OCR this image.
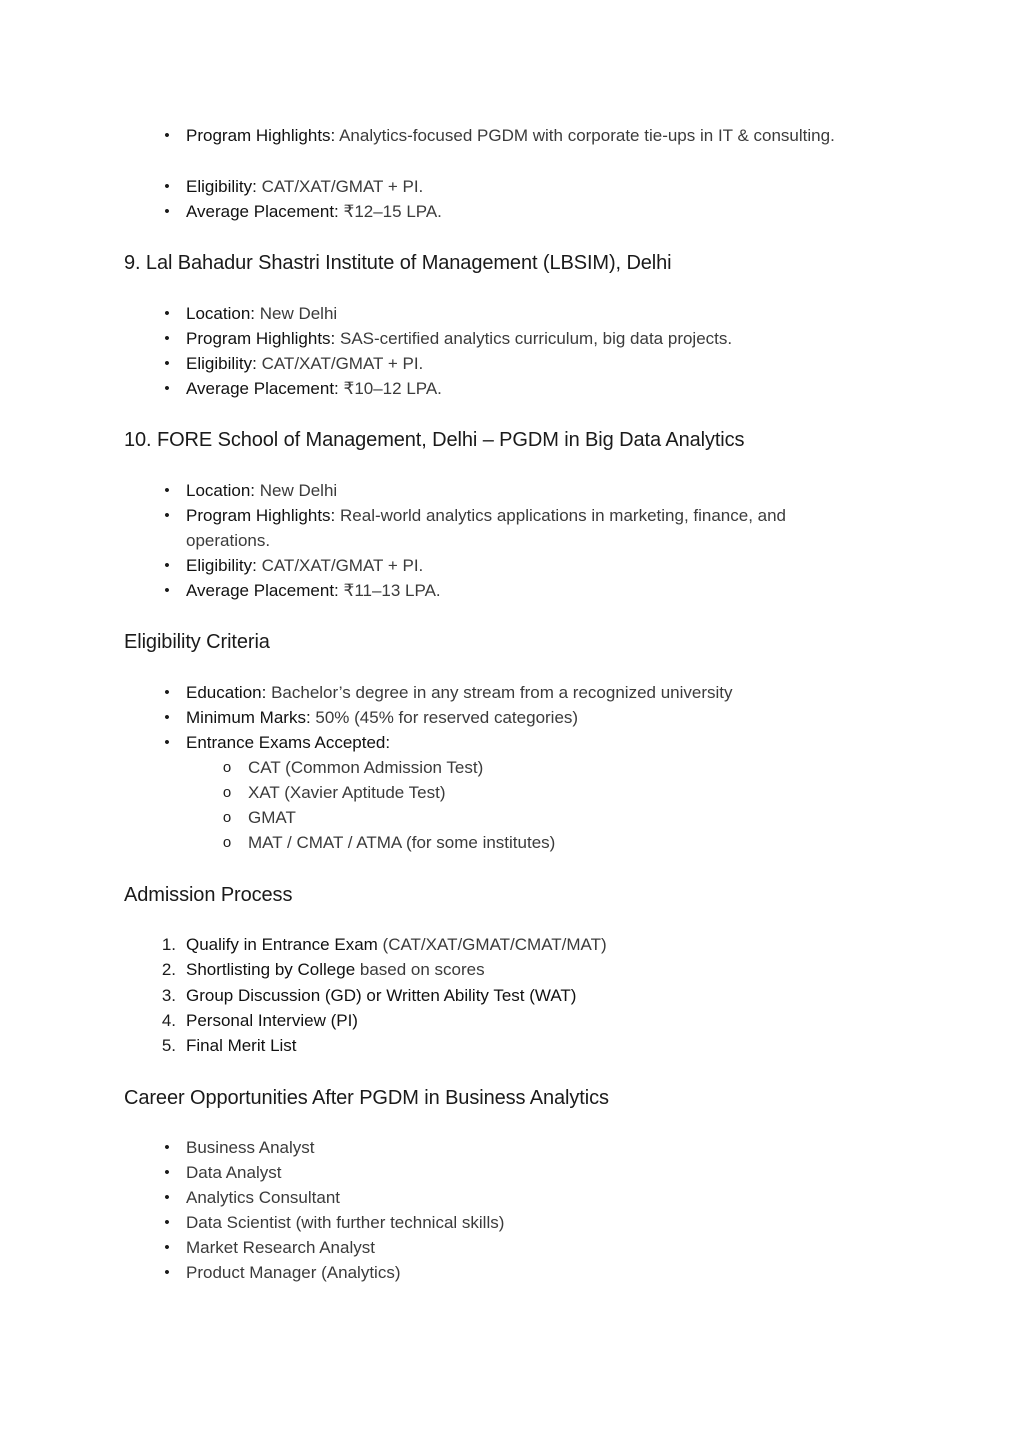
• Program Highlights: Analytics-focused PGDM with corporate tie-ups in IT & consulting.
• Eligibility: CAT/XAT/GMAT + PI.
• Average Placement: ₹12–15 LPA.
9. Lal Bahadur Shastri Institute of Management (LBSIM), Delhi
• Location: New Delhi
• Program Highlights: SAS-certified analytics curriculum, big data projects.
• Eligibility: CAT/XAT/GMAT + PI.
• Average Placement: ₹10–12 LPA.
10. FORE School of Management, Delhi – PGDM in Big Data Analytics
• Location: New Delhi
• Program Highlights: Real-world analytics applications in marketing, finance, and operations.
• Eligibility: CAT/XAT/GMAT + PI.
• Average Placement: ₹11–13 LPA.
Eligibility Criteria
• Education: Bachelor’s degree in any stream from a recognized university
• Minimum Marks: 50% (45% for reserved categories)
• Entrance Exams Accepted:
o CAT (Common Admission Test)
o XAT (Xavier Aptitude Test)
o GMAT
o MAT / CMAT / ATMA (for some institutes)
Admission Process
1. Qualify in Entrance Exam (CAT/XAT/GMAT/CMAT/MAT)
2. Shortlisting by College based on scores
3. Group Discussion (GD) or Written Ability Test (WAT)
4. Personal Interview (PI)
5. Final Merit List
Career Opportunities After PGDM in Business Analytics
• Business Analyst
• Data Analyst
• Analytics Consultant
• Data Scientist (with further technical skills)
• Market Research Analyst
• Product Manager (Analytics)
